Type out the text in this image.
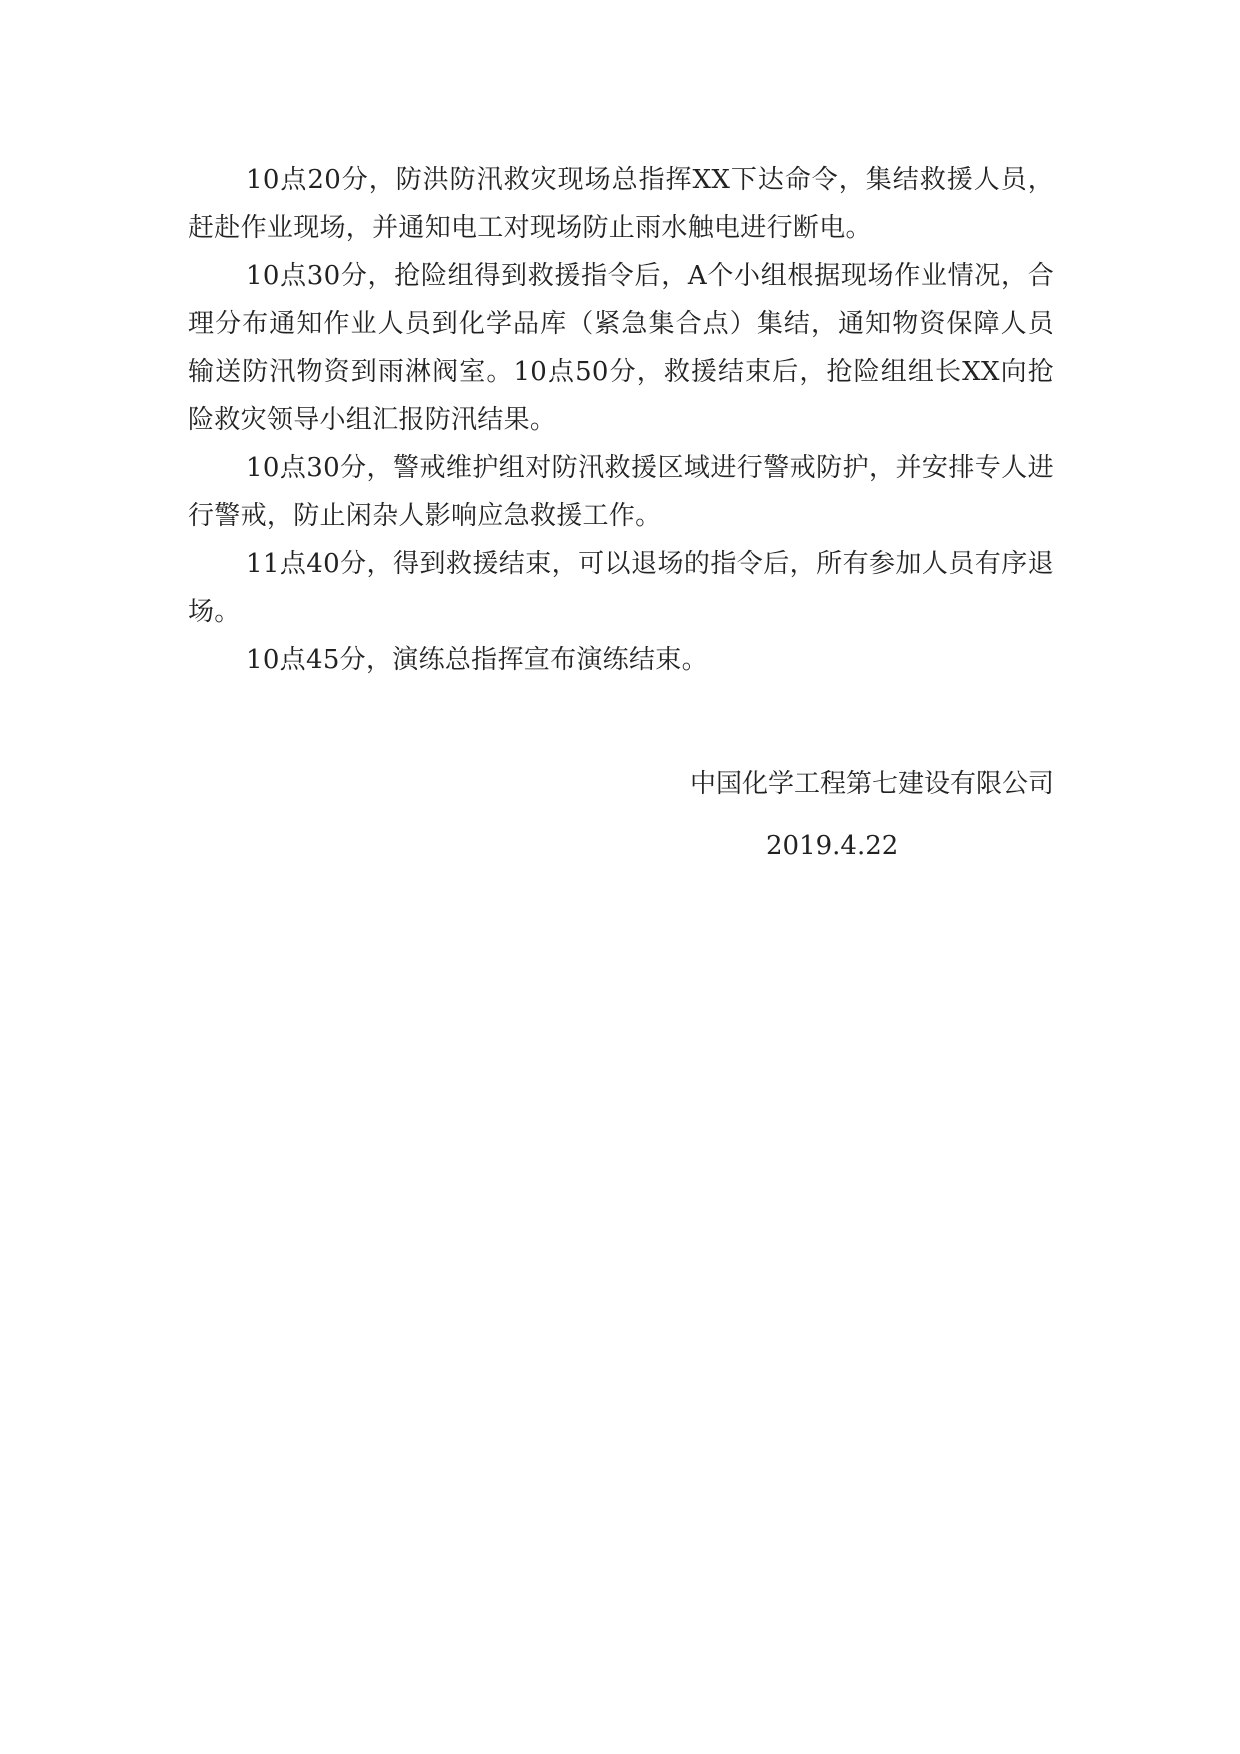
10点20分，防洪防汛救灾现场总指挥XX下达命令，集结救援人员，赶赴作业现场，并通知电工对现场防止雨水触电进行断电。

10点30分，抢险组得到救援指令后，A个小组根据现场作业情况，合理分布通知作业人员到化学品库（紧急集合点）集结，通知物资保障人员输送防汛物资到雨淋阀室。10点50分，救援结束后，抢险组组长XX向抢险救灾领导小组汇报防汛结果。

10点30分，警戒维护组对防汛救援区域进行警戒防护，并安排专人进行警戒，防止闲杂人影响应急救援工作。

11点40分，得到救援结束，可以退场的指令后，所有参加人员有序退场。

10点45分，演练总指挥宣布演练结束。

中国化学工程第七建设有限公司
2019.4.22
